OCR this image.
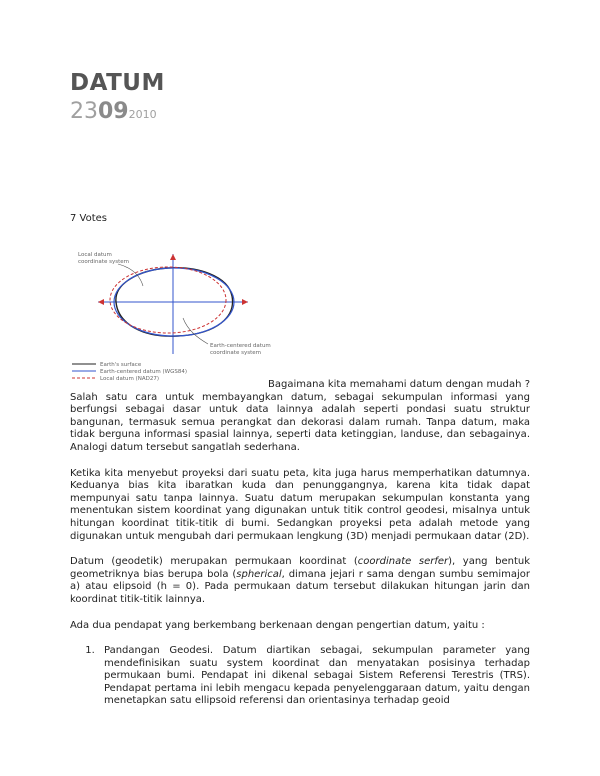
DATUM
23092010
7 Votes
Local datum
coordinate system
Earth-centered datum
coordinate system
Earth's surface
Earth-centered datum (WGS84)
Local datum (NAD27)	Bagaimana kita memahami datum dengan mudah ? Salah satu cara untuk membayangkan datum, sebagai sekumpulan informasi yang berfungsi sebagai dasar untuk data lainnya adalah seperti pondasi suatu struktur bangunan, termasuk semua perangkat dan dekorasi dalam rumah. Tanpa datum, maka tidak berguna informasi spasial lainnya, seperti data ketinggian, landuse, dan sebagainya. Analogi datum tersebut sangatlah sederhana.

Ketika kita menyebut proyeksi dari suatu peta, kita juga harus memperhatikan datumnya. Keduanya bias kita ibaratkan kuda dan penunggangnya, karena kita tidak dapat mempunyai satu tanpa lainnya. Suatu datum merupakan sekumpulan konstanta yang menentukan sistem koordinat yang digunakan untuk titik control geodesi, misalnya untuk hitungan koordinat titik-titik di bumi. Sedangkan proyeksi peta adalah metode yang digunakan untuk mengubah dari permukaan lengkung (3D) menjadi permukaan datar (2D).

Datum (geodetik) merupakan permukaan koordinat (coordinate serfer), yang bentuk geometriknya bias berupa bola (spherical, dimana jejari r sama dengan sumbu semimajor a) atau elipsoid (h = 0). Pada permukaan datum tersebut dilakukan hitungan jarin dan koordinat titik-titik lainnya.

Ada dua pendapat yang berkembang berkenaan dengan pengertian datum, yaitu :

1. Pandangan Geodesi. Datum diartikan sebagai, sekumpulan parameter yang mendefinisikan suatu system koordinat dan menyatakan posisinya terhadap permukaan bumi. Pendapat ini dikenal sebagai Sistem Referensi Terestris (TRS). Pendapat pertama ini lebih mengacu kepada penyelenggaraan datum, yaitu dengan menetapkan satu ellipsoid referensi dan orientasinya terhadap geoid
